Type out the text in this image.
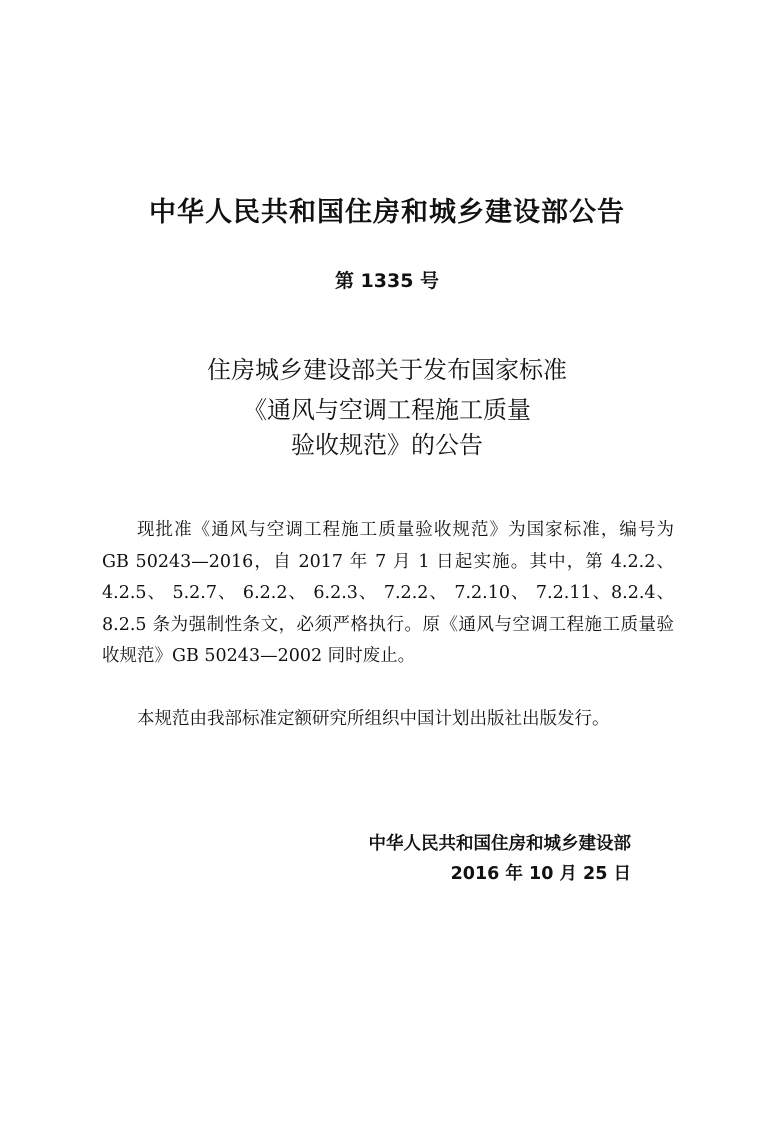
中华人民共和国住房和城乡建设部公告
第 1335 号
住房城乡建设部关于发布国家标准
《通风与空调工程施工质量
验收规范》的公告

现批准《通风与空调工程施工质量验收规范》为国家标准，编号为 GB 50243—2016，自 2017 年 7 月 1 日起实施。其中，第 4.2.2、 4.2.5、 5.2.7、 6.2.2、 6.2.3、 7.2.2、 7.2.10、 7.2.11、8.2.4、8.2.5 条为强制性条文，必须严格执行。原《通风与空调工程施工质量验收规范》GB 50243—2002 同时废止。

本规范由我部标准定额研究所组织中国计划出版社出版发行。

中华人民共和国住房和城乡建设部
2016 年 10 月 25 日
